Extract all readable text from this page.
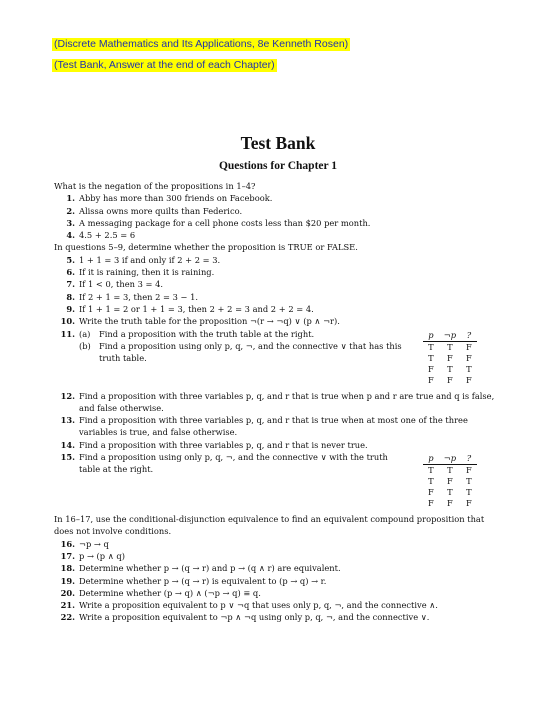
(Discrete Mathematics and Its Applications, 8e Kenneth Rosen)
(Test Bank, Answer at the end of each Chapter)
Test Bank
Questions for Chapter 1

What is the negation of the propositions in 1–4?

1. Abby has more than 300 friends on Facebook.
2. Alissa owns more quilts than Federico.
3. A messaging package for a cell phone costs less than $20 per month.
4. 4.5 + 2.5 = 6

In questions 5–9, determine whether the proposition is TRUE or FALSE.

5. 1 + 1 = 3 if and only if 2 + 2 = 3.
6. If it is raining, then it is raining.
7. If 1 < 0, then 3 = 4.
8. If 2 + 1 = 3, then 2 = 3 − 1.
9. If 1 + 1 = 2 or 1 + 1 = 3, then 2 + 2 = 3 and 2 + 2 = 4.
10. Write the truth table for the proposition ¬(r → ¬q) ∨ (p ∧ ¬r).
11. (a) Find a proposition with the truth table at the right.
(b) Find a proposition using only p, q, ¬, and the connective ∨ that has this truth table.
p	¬p	?
T	T	F
T	F	F
F	T	T
F	F	F
12. Find a proposition with three variables p, q, and r that is true when p and r are true and q is false, and false otherwise.
13. Find a proposition with three variables p, q, and r that is true when at most one of the three variables is true, and false otherwise.
14. Find a proposition with three variables p, q, and r that is never true.
15. Find a proposition using only p, q, ¬, and the connective ∨ with the truth table at the right.
p	¬p	?
T	T	F
T	F	T
F	T	T
F	F	F

In 16–17, use the conditional-disjunction equivalence to find an equivalent compound proposition that does not involve conditions.

16. ¬p → q
17. p → (p ∧ q)
18. Determine whether p → (q → r) and p → (q ∧ r) are equivalent.
19. Determine whether p → (q → r) is equivalent to (p → q) → r.
20. Determine whether (p → q) ∧ (¬p → q) ≡ q.
21. Write a proposition equivalent to p ∨ ¬q that uses only p, q, ¬, and the connective ∧.
22. Write a proposition equivalent to ¬p ∧ ¬q using only p, q, ¬, and the connective ∨.
